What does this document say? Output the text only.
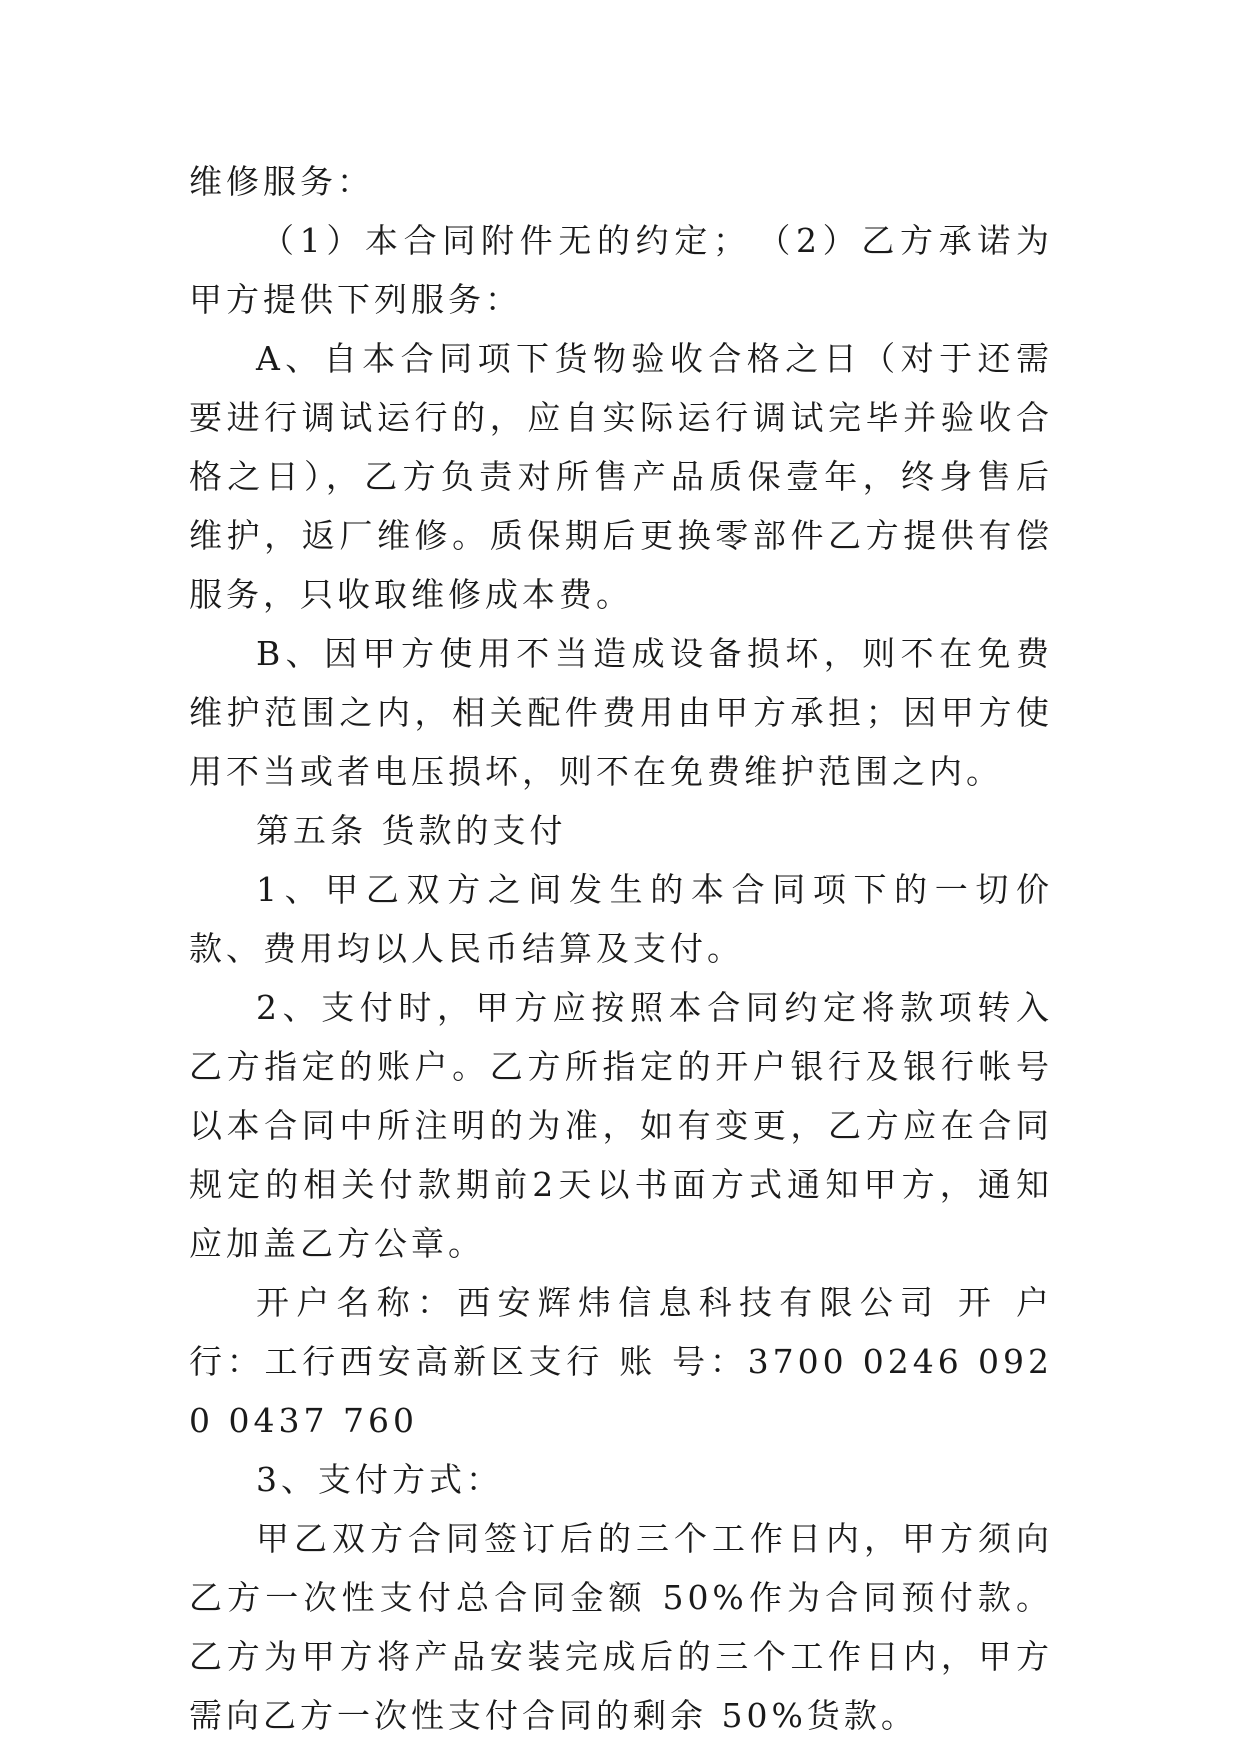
维修服务：

（1）本合同附件无的约定；　（2）乙方承诺为甲方提供下列服务：

A、自本合同项下货物验收合格之日（对于还需要进行调试运行的，应自实际运行调试完毕并验收合格之日），乙方负责对所售产品质保壹年，终身售后维护，返厂维修。质保期后更换零部件乙方提供有偿服务，只收取维修成本费。

B、因甲方使用不当造成设备损坏，则不在免费维护范围之内，相关配件费用由甲方承担；因甲方使用不当或者电压损坏，则不在免费维护范围之内。

第五条 货款的支付

1、甲乙双方之间发生的本合同项下的一切价款、费用均以人民币结算及支付。

2、支付时，甲方应按照本合同约定将款项转入乙方指定的账户。乙方所指定的开户银行及银行帐号以本合同中所注明的为准，如有变更，乙方应在合同规定的相关付款期前2天以书面方式通知甲方，通知应加盖乙方公章。

开户名称：西安辉炜信息科技有限公司 开 户 行：工行西安高新区支行 账 号：3700 0246 0920 0437 760

3、支付方式：

甲乙双方合同签订后的三个工作日内，甲方须向乙方一次性支付总合同金额 50%作为合同预付款。乙方为甲方将产品安装完成后的三个工作日内，甲方需向乙方一次性支付合同的剩余 50%货款。
